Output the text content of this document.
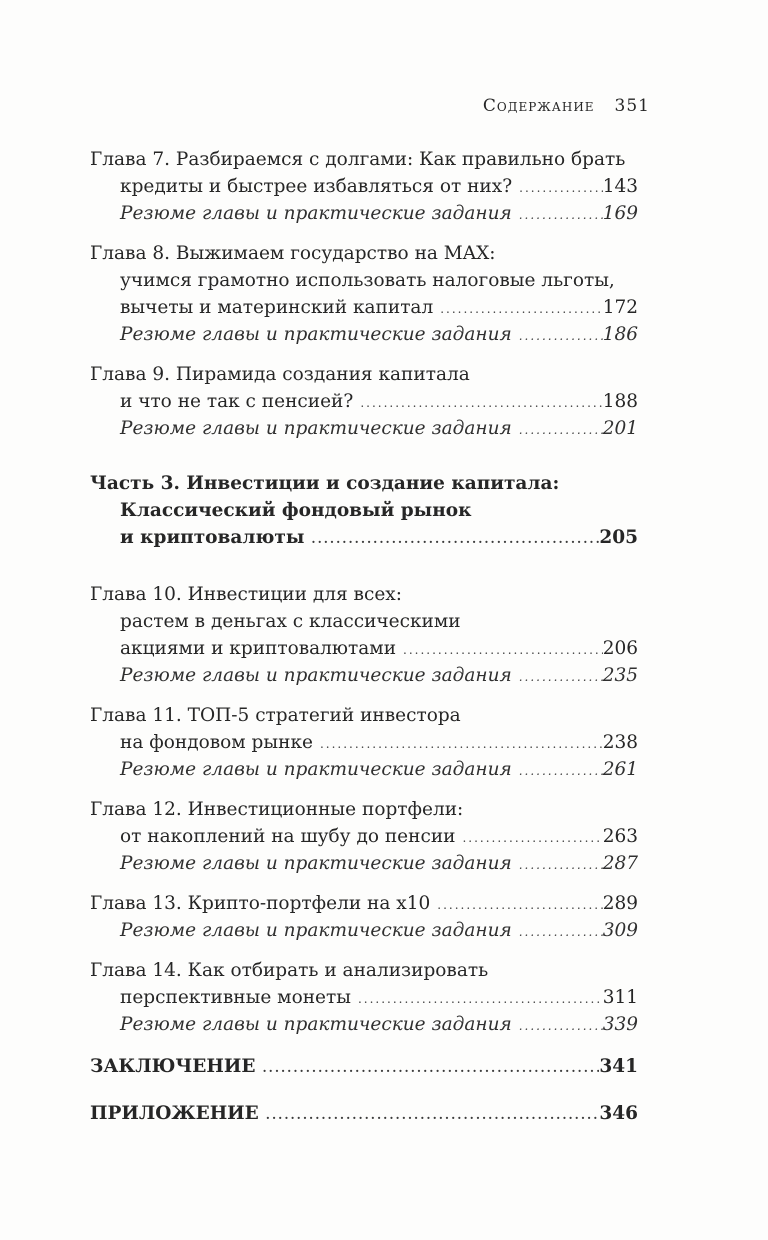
Содержание 351
Глава 7. Разбираемся с долгами: Как правильно брать
кредиты и быстрее избавляться от них? .....	143
Резюме главы и практические задания .....	169
Глава 8. Выжимаем государство на MAX:
учимся грамотно использовать налоговые льготы,
вычеты и материнский капитал .....	172
Резюме главы и практические задания .....	186
Глава 9. Пирамида создания капитала
и что не так с пенсией? .....	188
Резюме главы и практические задания .....	201
Часть 3. Инвестиции и создание капитала:
Классический фондовый рынок
и криптовалюты .....	205
Глава 10. Инвестиции для всех:
растем в деньгах с классическими
акциями и криптовалютами .....	206
Резюме главы и практические задания .....	235
Глава 11. ТОП-5 стратегий инвестора
на фондовом рынке .....	238
Резюме главы и практические задания .....	261
Глава 12. Инвестиционные портфели:
от накоплений на шубу до пенсии .....	263
Резюме главы и практические задания .....	287
Глава 13. Крипто-портфели на х10 .....	289
Резюме главы и практические задания .....	309
Глава 14. Как отбирать и анализировать
перспективные монеты .....	311
Резюме главы и практические задания .....	339
ЗАКЛЮЧЕНИЕ .....	341
ПРИЛОЖЕНИЕ .....	346
